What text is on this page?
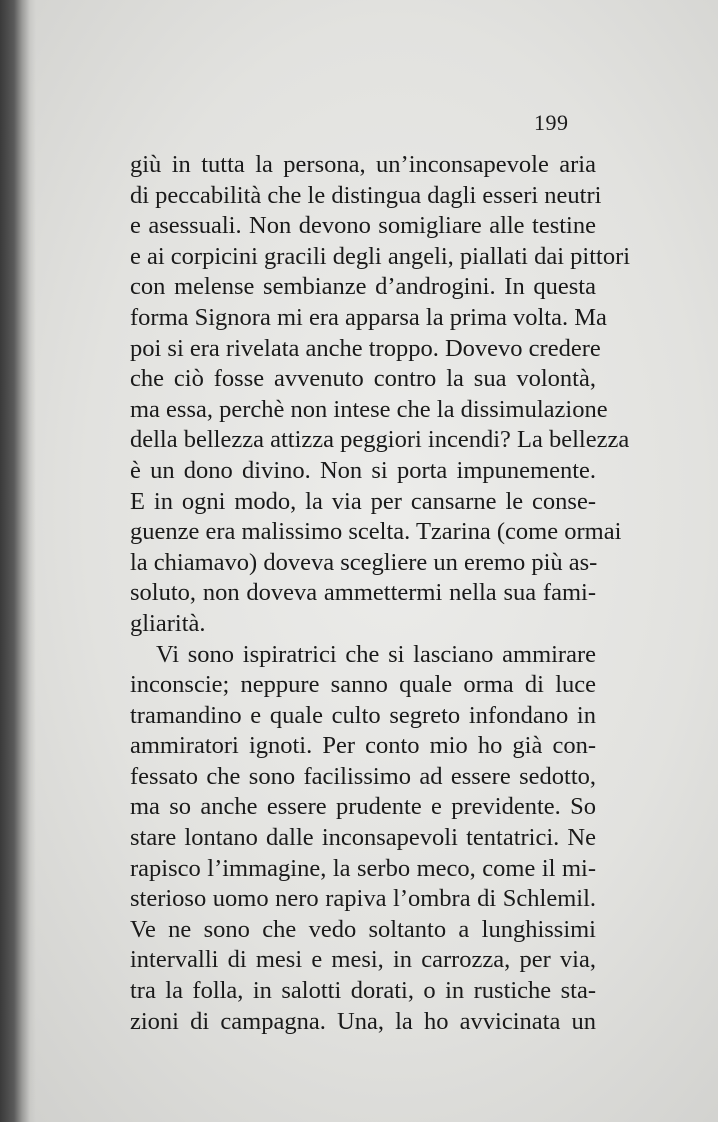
199
giù in tutta la persona, un’inconsapevole aria
di peccabilità che le distingua dagli esseri neutri
e asessuali. Non devono somigliare alle testine
e ai corpicini gracili degli angeli, piallati dai pittori
con melense sembianze d’androgini. In questa
forma Signora mi era apparsa la prima volta. Ma
poi si era rivelata anche troppo. Dovevo credere
che ciò fosse avvenuto contro la sua volontà,
ma essa, perchè non intese che la dissimulazione
della bellezza attizza peggiori incendi? La bellezza
è un dono divino. Non si porta impunemente.
E in ogni modo, la via per cansarne le conse-
guenze era malissimo scelta. Tzarina (come ormai
la chiamavo) doveva scegliere un eremo più as-
soluto, non doveva ammettermi nella sua fami-
gliarità.
Vi sono ispiratrici che si lasciano ammirare
inconscie; neppure sanno quale orma di luce
tramandino e quale culto segreto infondano in
ammiratori ignoti. Per conto mio ho già con-
fessato che sono facilissimo ad essere sedotto,
ma so anche essere prudente e previdente. So
stare lontano dalle inconsapevoli tentatrici. Ne
rapisco l’immagine, la serbo meco, come il mi-
sterioso uomo nero rapiva l’ombra di Schlemil.
Ve ne sono che vedo soltanto a lunghissimi
intervalli di mesi e mesi, in carrozza, per via,
tra la folla, in salotti dorati, o in rustiche sta-
zioni di campagna. Una, la ho avvicinata un
